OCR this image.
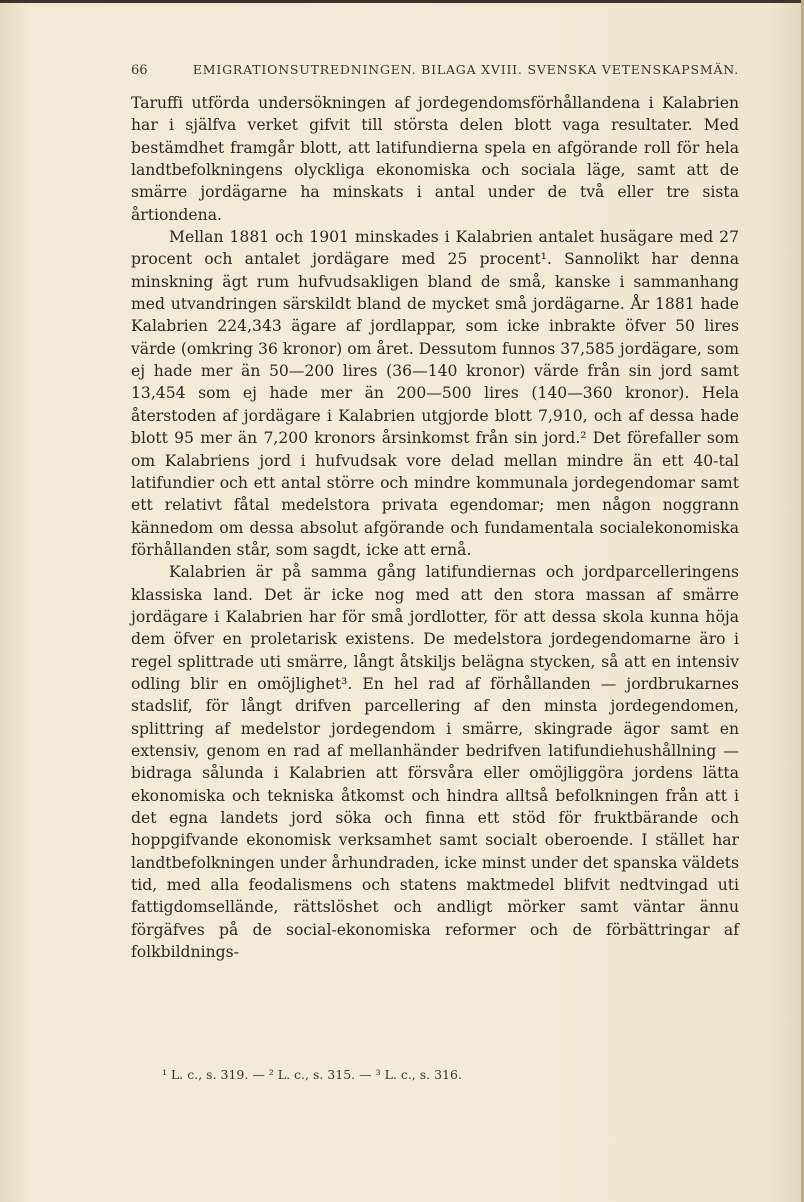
66	EMIGRATIONSUTREDNINGEN. BILAGA XVIII. SVENSKA VETENSKAPSMÄN.

Taruffi utförda undersökningen af jordegendomsförhållandena i Kalabrien har i själfva verket gifvit till största delen blott vaga resultater. Med bestämdhet framgår blott, att latifundierna spela en afgörande roll för hela landtbefolkningens olyckliga ekonomiska och sociala läge, samt att de smärre jordägarne ha minskats i antal under de två eller tre sista årtiondena.

Mellan 1881 och 1901 minskades i Kalabrien antalet husägare med 27 procent och antalet jordägare med 25 procent¹. Sannolikt har denna minskning ägt rum hufvudsakligen bland de små, kanske i sammanhang med utvandringen särskildt bland de mycket små jordägarne. År 1881 hade Kalabrien 224,343 ägare af jordlappar, som icke inbrakte öfver 50 lires värde (omkring 36 kronor) om året. Dessutom funnos 37,585 jordägare, som ej hade mer än 50—200 lires (36—140 kronor) värde från sin jord samt 13,454 som ej hade mer än 200—500 lires (140—360 kronor). Hela återstoden af jordägare i Kalabrien utgjorde blott 7,910, och af dessa hade blott 95 mer än 7,200 kronors årsinkomst från sin jord.² Det förefaller som om Kalabriens jord i hufvudsak vore delad mellan mindre än ett 40-tal latifundier och ett antal större och mindre kommunala jordegendomar samt ett relativt fåtal medelstora privata egendomar; men någon noggrann kännedom om dessa absolut afgörande och fundamentala socialekonomiska förhållanden står, som sagdt, icke att ernå.

Kalabrien är på samma gång latifundiernas och jordparcelleringens klassiska land. Det är icke nog med att den stora massan af smärre jordägare i Kalabrien har för små jordlotter, för att dessa skola kunna höja dem öfver en proletarisk existens. De medelstora jordegendomarne äro i regel splittrade uti smärre, långt åtskiljs belägna stycken, så att en intensiv odling blir en omöjlighet³. En hel rad af förhållanden — jordbrukarnes stadslif, för långt drifven parcellering af den minsta jordegendomen, splittring af medelstor jordegendom i smärre, skingrade ägor samt en extensiv, genom en rad af mellanhänder bedrifven latifundiehushållning — bidraga sålunda i Kalabrien att försvåra eller omöjliggöra jordens lätta ekonomiska och tekniska åtkomst och hindra alltså befolkningen från att i det egna landets jord söka och finna ett stöd för fruktbärande och hoppgifvande ekonomisk verksamhet samt socialt oberoende. I stället har landtbefolkningen under århundraden, icke minst under det spanska väldets tid, med alla feodalismens och statens maktmedel blifvit nedtvingad uti fattigdomsellände, rättslöshet och andligt mörker samt väntar ännu förgäfves på de social-ekonomiska reformer och de förbättringar af folkbildnings-

¹ L. c., s. 319. — ² L. c., s. 315. — ³ L. c., s. 316.
